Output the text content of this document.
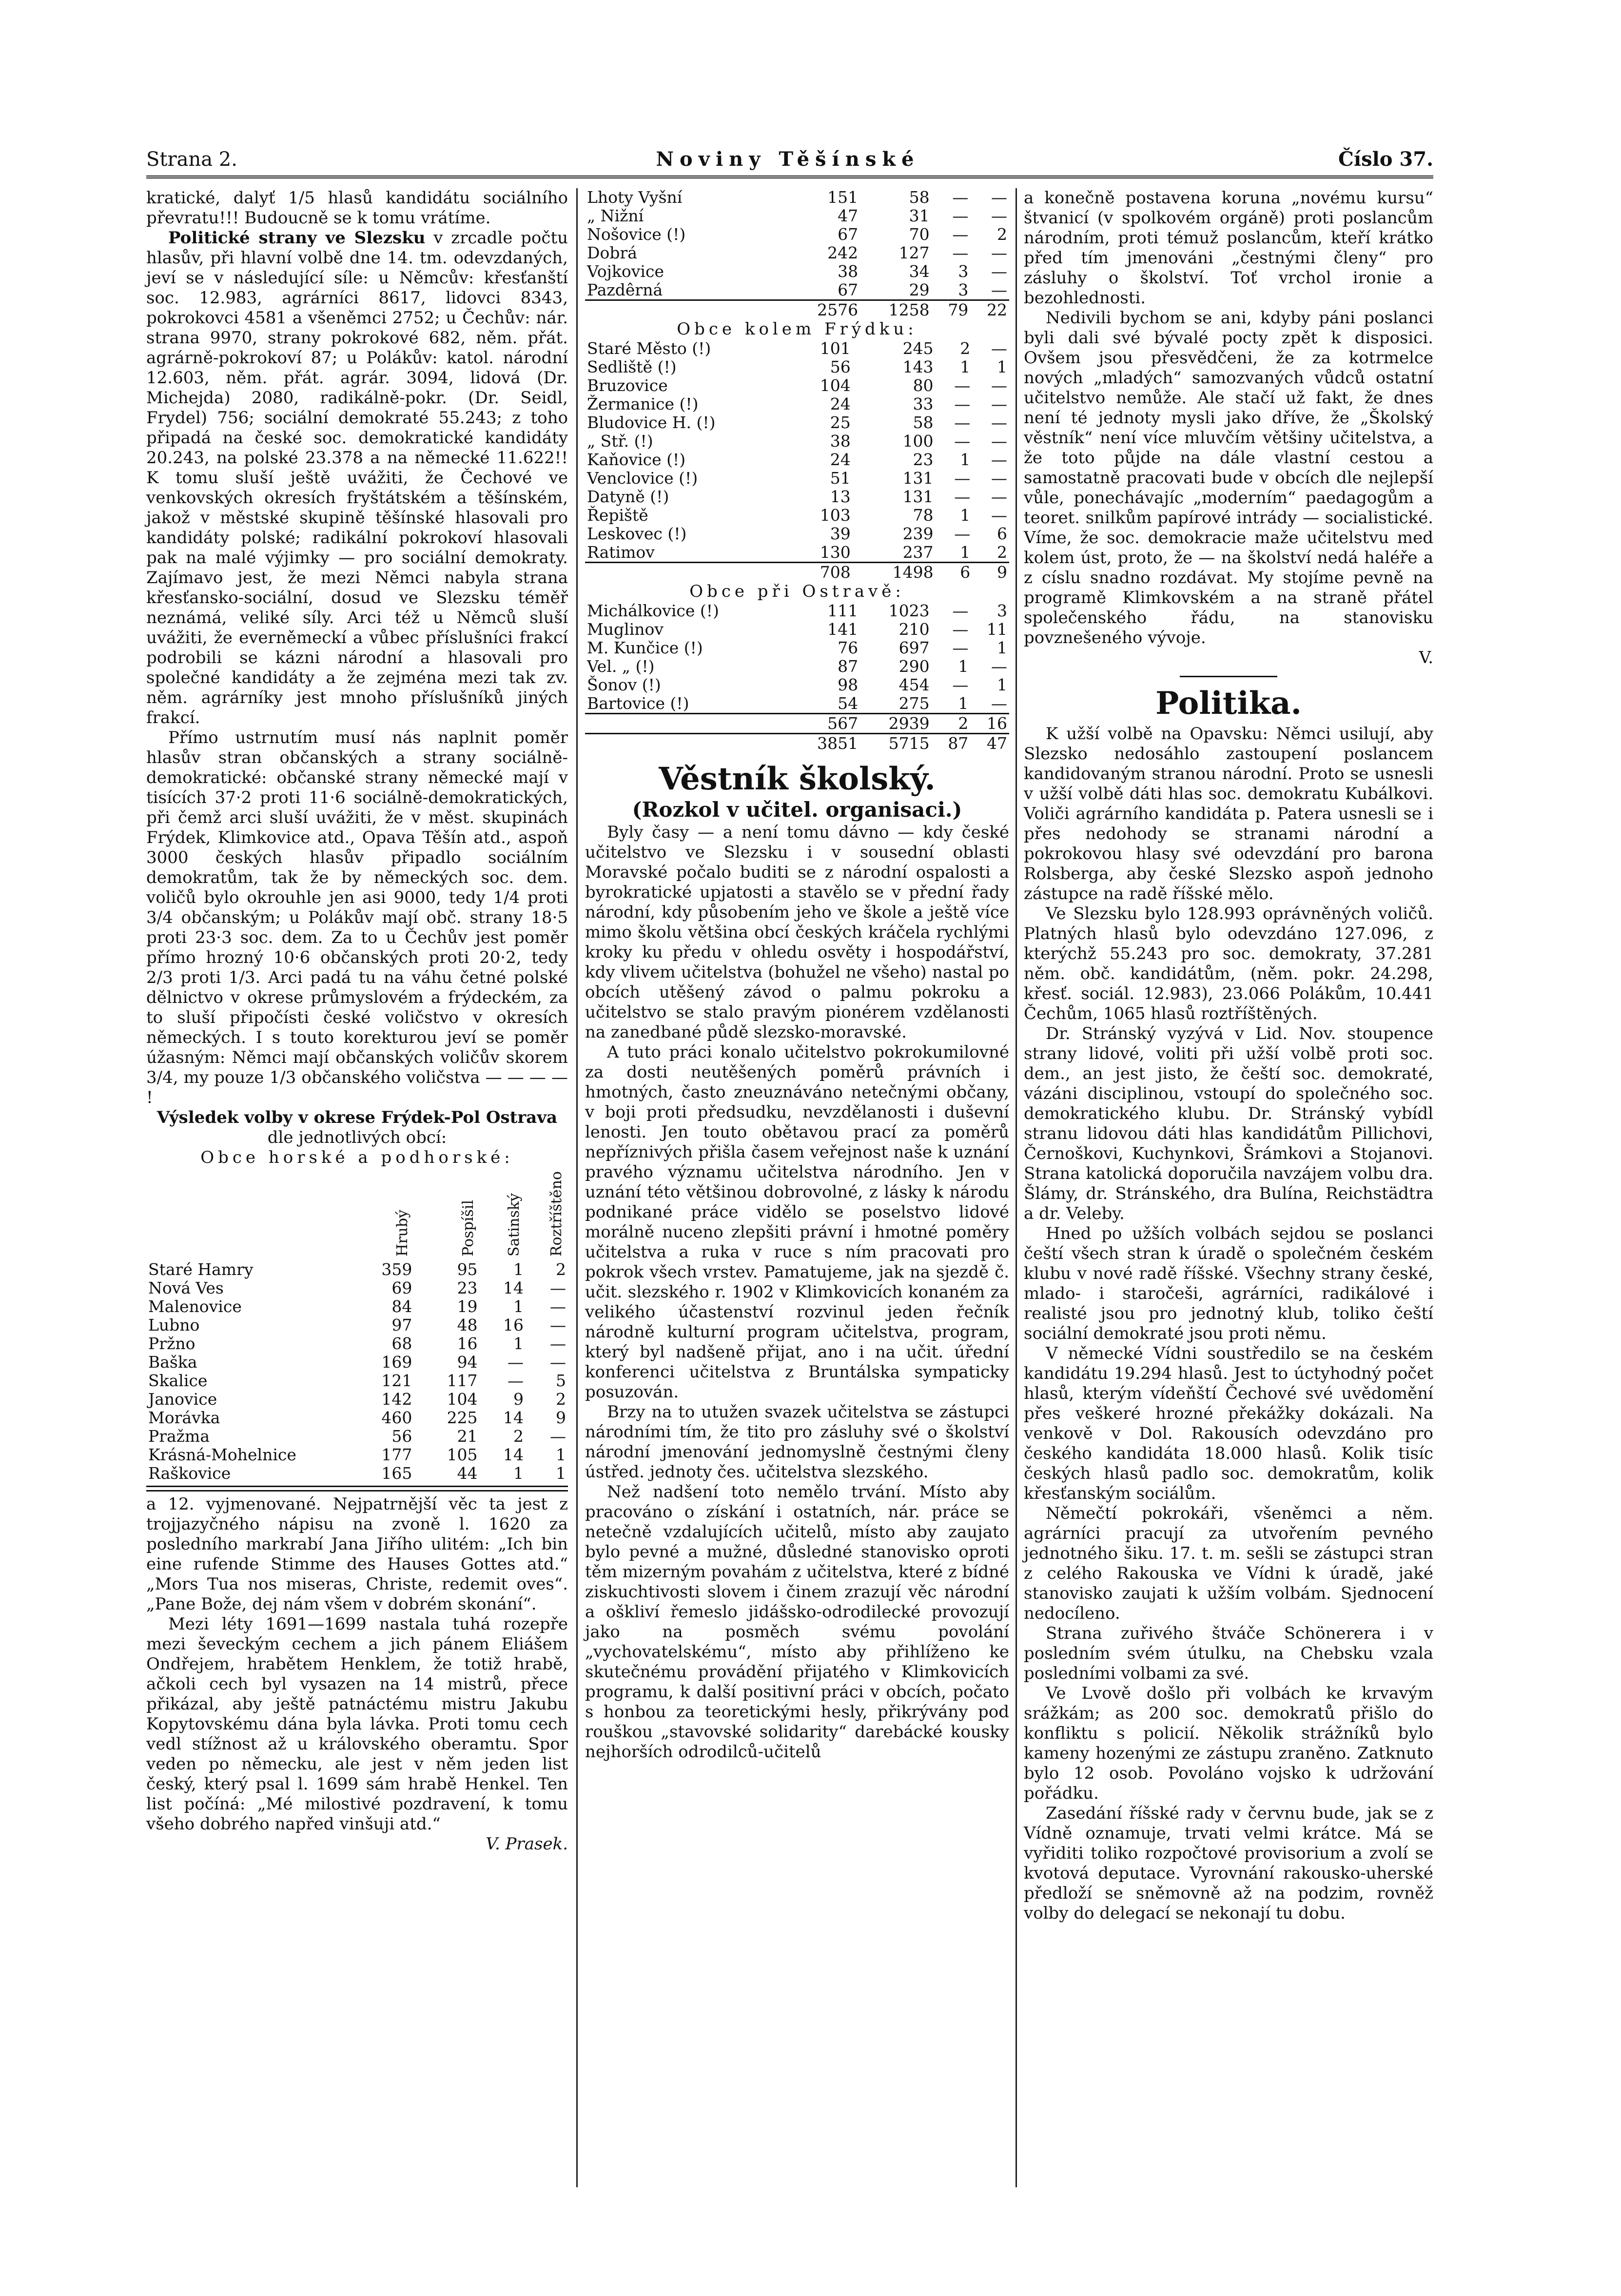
Strana 2.	Noviny Těšínské	Číslo 37.

kratické, dalyť 1/5 hlasů kandidátu sociálního převratu!!! Budoucně se k tomu vrátíme.

Politické strany ve Slezsku v zrcadle počtu hlasův, při hlavní volbě dne 14. tm. odevzdaných, jeví se v následující síle: u Němcův: křesťanští soc. 12.983, agrárníci 8617, lidovci 8343, pokrokovci 4581 a všeněmci 2752; u Čechův: nár. strana 9970, strany pokrokové 682, něm. přát. agrárně-pokrokoví 87; u Polákův: katol. národní 12.603, něm. přát. agrár. 3094, lidová (Dr. Michejda) 2080, radikálně-pokr. (Dr. Seidl, Frydel) 756; sociální demokraté 55.243; z toho připadá na české soc. demokratické kandidáty 20.243, na polské 23.378 a na německé 11.622!! K tomu sluší ještě uvážiti, že Čechové ve venkovských okresích fryštátském a těšínském, jakož v městské skupině těšínské hlasovali pro kandidáty polské; radikální pokrokoví hlasovali pak na malé výjimky — pro sociální demokraty. Zajímavo jest, že mezi Němci nabyla strana křesťansko-sociální, dosud ve Slezsku téměř neznámá, veliké síly. Arci též u Němců sluší uvážiti, že everněmeckí a vůbec příslušníci frakcí podrobili se kázni národní a hlasovali pro společné kandidáty a že zejména mezi tak zv. něm. agrárníky jest mnoho příslušníků jiných frakcí.

Přímo ustrnutím musí nás naplnit poměr hlasův stran občanských a strany sociálně-demokratické: občanské strany německé mají v tisících 37·2 proti 11·6 sociálně-demokratických, při čemž arci sluší uvážiti, že v měst. skupinách Frýdek, Klimkovice atd., Opava Těšín atd., aspoň 3000 českých hlasův připadlo sociálním demokratům, tak že by německých soc. dem. voličů bylo okrouhle jen asi 9000, tedy 1/4 proti 3/4 občanským; u Polákův mají obč. strany 18·5 proti 23·3 soc. dem. Za to u Čechův jest poměr přímo hrozný 10·6 občanských proti 20·2, tedy 2/3 proti 1/3. Arci padá tu na váhu četné polské dělnictvo v okrese průmyslovém a frýdeckém, za to sluší připočísti české voličstvo v okresích německých. I s touto korekturou jeví se poměr úžasným: Němci mají občanských voličův skorem 3/4, my pouze 1/3 občanského voličstva — — — — !

Výsledek volby v okrese Frýdek-Pol Ostrava

dle jednotlivých obcí:

Obce horské a podhorské:

	Hrubý	Pospíšil	Satinský	Roztříštěno
Staré Hamry	359	95	1	2
Nová Ves	69	23	14	—
Malenovice	84	19	1	—
Lubno	97	48	16	—
Pržno	68	16	1	—
Baška	169	94	—	—
Skalice	121	117	—	5
Janovice	142	104	9	2
Morávka	460	225	14	9
Pražma	56	21	2	—
Krásná-Mohelnice	177	105	14	1
Raškovice	165	44	1	1

a 12. vyjmenované. Nejpatrnější věc ta jest z trojjazyčného nápisu na zvoně l. 1620 za posledního markrabí Jana Jiřího ulitém: „Ich bin eine rufende Stimme des Hauses Gottes atd.“ „Mors Tua nos miseras, Christe, redemit oves“. „Pane Bože, dej nám všem v dobrém skonání“.

Mezi léty 1691—1699 nastala tuhá rozepře mezi ševeckým cechem a jich pánem Eliášem Ondřejem, hrabětem Henklem, že totiž hrabě, ačkoli cech byl vysazen na 14 mistrů, přece přikázal, aby ještě patnáctému mistru Jakubu Kopytovskému dána byla lávka. Proti tomu cech vedl stížnost až u královského oberamtu. Spor veden po německu, ale jest v něm jeden list český, který psal l. 1699 sám hrabě Henkel. Ten list počíná: „Mé milostivé pozdravení, k tomu všeho dobrého napřed vinšuji atd.“

V. Prasek.

Lhoty Vyšní	151	58	—	—
„ Nižní	47	31	—	—
Nošovice (!)	67	70	—	2
Dobrá	242	127	—	—
Vojkovice	38	34	3	—
Pazdêrná	67	29	3	—
	2576	1258	79	22

Obce kolem Frýdku:

Staré Město (!)	101	245	2	—
Sedliště (!)	56	143	1	1
Bruzovice	104	80	—	—
Žermanice (!)	24	33	—	—
Bludovice H. (!)	25	58	—	—
„ Stř. (!)	38	100	—	—
Kaňovice (!)	24	23	1	—
Venclovice (!)	51	131	—	—
Datyně (!)	13	131	—	—
Řepiště	103	78	1	—
Leskovec (!)	39	239	—	6
Ratimov	130	237	1	2
	708	1498	6	9

Obce při Ostravě:

Michálkovice (!)	111	1023	—	3
Muglinov	141	210	—	11
M. Kunčice (!)	76	697	—	1
Vel. „ (!)	87	290	1	—
Šonov (!)	98	454	—	1
Bartovice (!)	54	275	1	—
	567	2939	2	16
	3851	5715	87	47
Věstník školský.
(Rozkol v učitel. organisaci.)

Byly časy — a není tomu dávno — kdy české učitelstvo ve Slezsku i v sousední oblasti Moravské počalo buditi se z národní ospalosti a byrokratické upjatosti a stavělo se v přední řady národní, kdy působením jeho ve škole a ještě více mimo školu většina obcí českých kráčela rychlými kroky ku předu v ohledu osvěty i hospodářství, kdy vlivem učitelstva (bohužel ne všeho) nastal po obcích utěšený závod o palmu pokroku a učitelstvo se stalo pravým pionérem vzdělanosti na zanedbané půdě slezsko-moravské.

A tuto práci konalo učitelstvo pokrokumilovné za dosti neutěšených poměrů právních i hmotných, často zneuznáváno netečnými občany, v boji proti předsudku, nevzdělanosti i duševní lenosti. Jen touto obětavou prací za poměrů nepříznivých přišla časem veřejnost naše k uznání pravého významu učitelstva národního. Jen v uznání této většinou dobrovolné, z lásky k národu podnikané práce vidělo se poselstvo lidové morálně nuceno zlepšiti právní i hmotné poměry učitelstva a ruka v ruce s ním pracovati pro pokrok všech vrstev. Pamatujeme, jak na sjezdě č. učit. slezského r. 1902 v Klimkovicích konaném za velikého účastenství rozvinul jeden řečník národně kulturní program učitelstva, program, který byl nadšeně přijat, ano i na učit. úřední konferenci učitelstva z Bruntálska sympaticky posuzován.

Brzy na to utužen svazek učitelstva se zástupci národními tím, že tito pro zásluhy své o školství národní jmenování jednomyslně čestnými členy ústřed. jednoty čes. učitelstva slezského.

Než nadšení toto nemělo trvání. Místo aby pracováno o získání i ostatních, nár. práce se netečně vzdalujících učitelů, místo aby zaujato bylo pevné a mužné, důsledné stanovisko oproti těm mizerným povahám z učitelstva, které z bídné ziskuchtivosti slovem i činem zrazují věc národní a oškliví řemeslo jidášsko-odrodilecké provozují jako na posměch svému povolání „vychovatelskému“, místo aby přihlíženo ke skutečnému provádění přijatého v Klimkovicích programu, k další positivní práci v obcích, počato s honbou za teoretickými hesly, přikrývány pod rouškou „stavovské solidarity“ darebácké kousky nejhorších odrodilců-učitelů

a konečně postavena koruna „novému kursu“ štvanicí (v spolkovém orgáně) proti poslancům národním, proti témuž poslancům, kteří krátko před tím jmenováni „čestnými členy“ pro zásluhy o školství. Toť vrchol ironie a bezohlednosti.

Nedivili bychom se ani, kdyby páni poslanci byli dali své bývalé pocty zpět k disposici. Ovšem jsou přesvědčeni, že za kotrmelce nových „mladých“ samozvaných vůdců ostatní učitelstvo nemůže. Ale stačí už fakt, že dnes není té jednoty mysli jako dříve, že „Školský věstník“ není více mluvčím většiny učitelstva, a že toto půjde na dále vlastní cestou a samostatně pracovati bude v obcích dle nejlepší vůle, ponechávajíc „moderním“ paedagogům a teoret. snilkům papírové intrády — socialistické. Víme, že soc. demokracie maže učitelstvu med kolem úst, proto, že — na školství nedá haléře a z císlu snadno rozdávat. My stojíme pevně na programě Klimkovském a na straně přátel společenského řádu, na stanovisku povznešeného vývoje.

V.

Politika.

K užší volbě na Opavsku: Němci usilují, aby Slezsko nedosáhlo zastoupení poslancem kandidovaným stranou národní. Proto se usnesli v užší volbě dáti hlas soc. demokratu Kubálkovi. Voliči agrárního kandidáta p. Patera usnesli se i přes nedohody se stranami národní a pokrokovou hlasy své odevzdání pro barona Rolsberga, aby české Slezsko aspoň jednoho zástupce na radě říšské mělo.

Ve Slezsku bylo 128.993 oprávněných voličů. Platných hlasů bylo odevzdáno 127.096, z kterýchž 55.243 pro soc. demokraty, 37.281 něm. obč. kandidátům, (něm. pokr. 24.298, křesť. sociál. 12.983), 23.066 Polákům, 10.441 Čechům, 1065 hlasů roztříštěných.

Dr. Stránský vyzývá v Lid. Nov. stoupence strany lidové, voliti při užší volbě proti soc. dem., an jest jisto, že čeští soc. demokraté, vázáni disciplinou, vstoupí do společného soc. demokratického klubu. Dr. Stránský vybídl stranu lidovou dáti hlas kandidátům Pillichovi, Černoškovi, Kuchynkovi, Šrámkovi a Stojanovi. Strana katolická doporučila navzájem volbu dra. Šlámy, dr. Stránského, dra Bulína, Reichstädtra a dr. Veleby.

Hned po užších volbách sejdou se poslanci čeští všech stran k úradě o společném českém klubu v nové radě říšské. Všechny strany české, mlado- i staročeši, agrárníci, radikálové i realisté jsou pro jednotný klub, toliko čeští sociální demokraté jsou proti němu.

V německé Vídni soustředilo se na českém kandidátu 19.294 hlasů. Jest to úctyhodný počet hlasů, kterým vídeňští Čechové své uvědomění přes veškeré hrozné překážky dokázali. Na venkově v Dol. Rakousích odevzdáno pro českého kandidáta 18.000 hlasů. Kolik tisíc českých hlasů padlo soc. demokratům, kolik křesťanským sociálům.

Němečtí pokrokáři, všeněmci a něm. agrárníci pracují za utvořením pevného jednotného šiku. 17. t. m. sešli se zástupci stran z celého Rakouska ve Vídni k úradě, jaké stanovisko zaujati k užším volbám. Sjednocení nedocíleno.

Strana zuřivého štváče Schönerera i v posledním svém útulku, na Chebsku vzala posledními volbami za své.

Ve Lvově došlo při volbách ke krvavým srážkám; as 200 soc. demokratů přišlo do konfliktu s policií. Několik strážníků bylo kameny hozenými ze zástupu zraněno. Zatknuto bylo 12 osob. Povoláno vojsko k udržování pořádku.

Zasedání říšské rady v červnu bude, jak se z Vídně oznamuje, trvati velmi krátce. Má se vyřiditi toliko rozpočtové provisorium a zvolí se kvotová deputace. Vyrovnání rakousko-uherské předloží se sněmovně až na podzim, rovněž volby do delegací se nekonají tu dobu.
